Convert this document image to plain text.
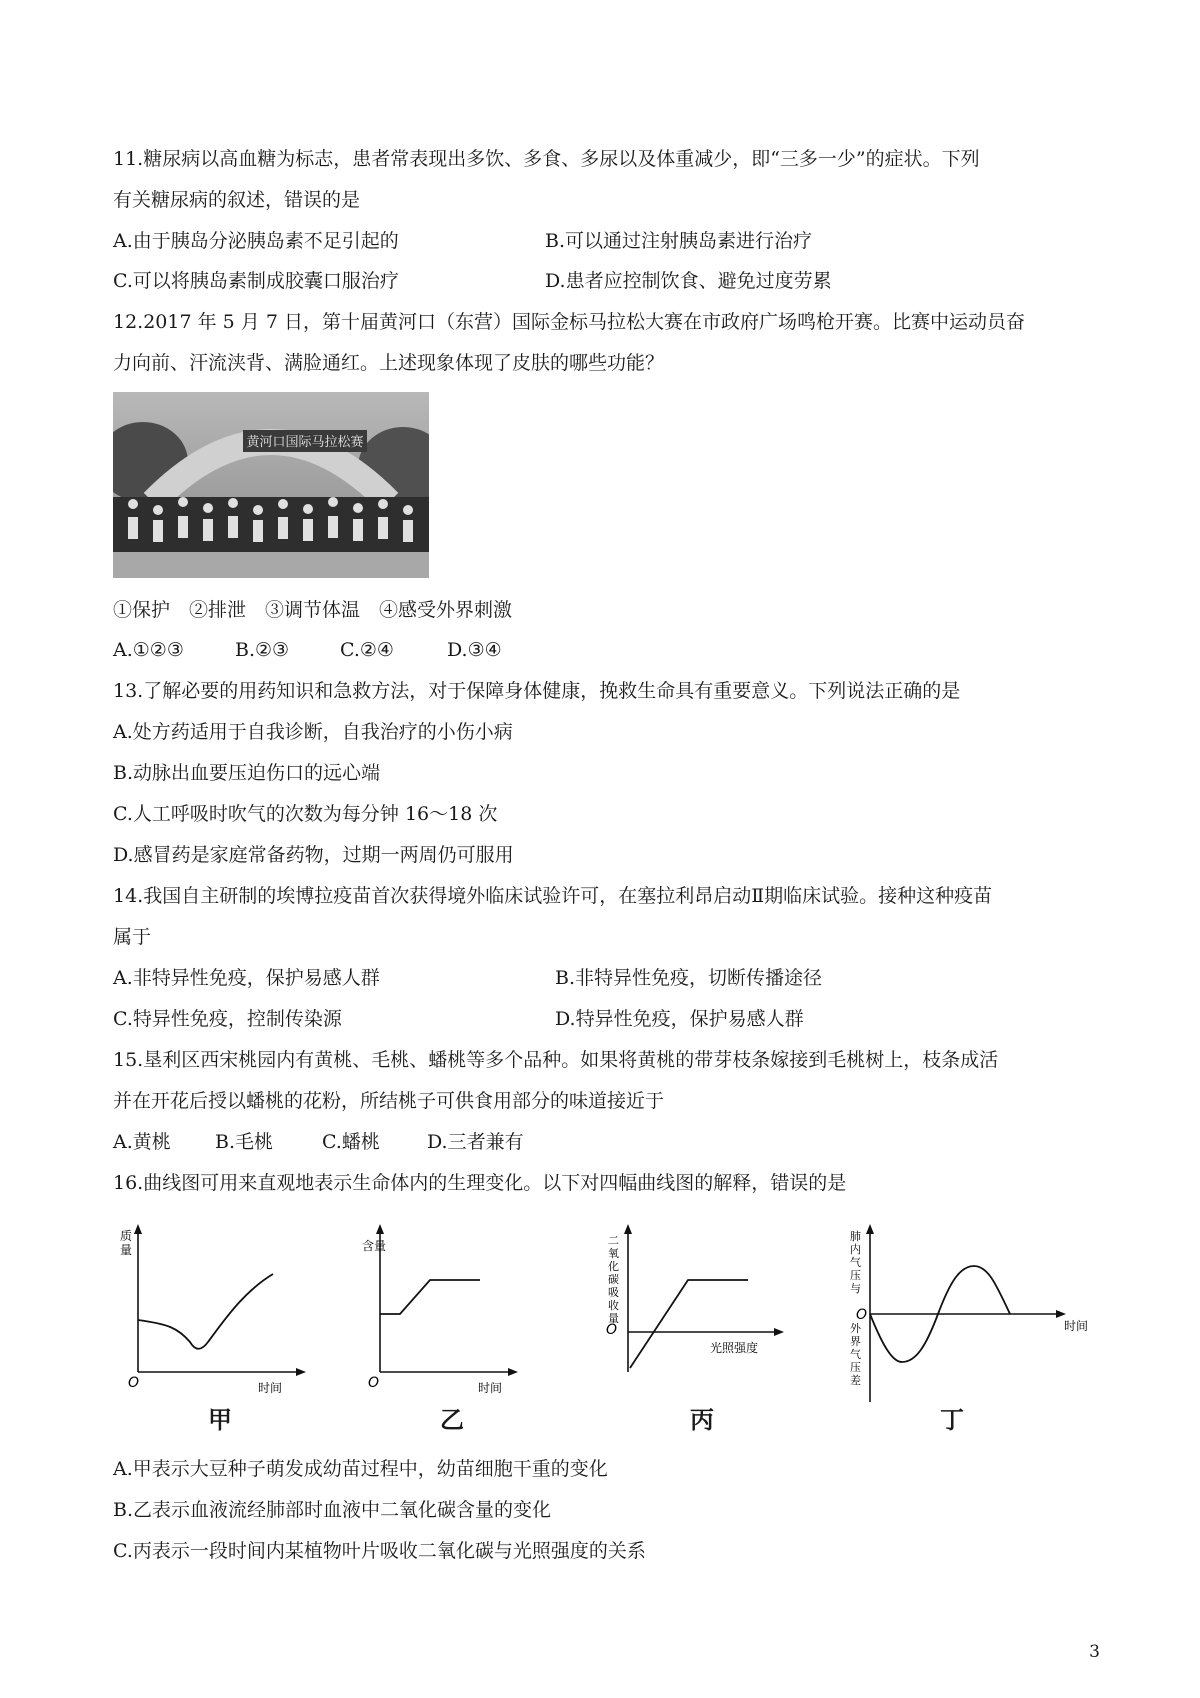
11.糖尿病以高血糖为标志，患者常表现出多饮、多食、多尿以及体重减少，即“三多一少”的症状。下列
有关糖尿病的叙述，错误的是
A.由于胰岛分泌胰岛素不足引起的	B.可以通过注射胰岛素进行治疗
C.可以将胰岛素制成胶囊口服治疗	D.患者应控制饮食、避免过度劳累
12.2017 年 5 月 7 日，第十届黄河口（东营）国际金标马拉松大赛在市政府广场鸣枪开赛。比赛中运动员奋
力向前、汗流浃背、满脸通红。上述现象体现了皮肤的哪些功能？
黄河口国际马拉松赛
①保护　②排泄　③调节体温　④感受外界刺激
A.①②③	B.②③	C.②④	D.③④
13.了解必要的用药知识和急救方法，对于保障身体健康，挽救生命具有重要意义。下列说法正确的是
A.处方药适用于自我诊断，自我治疗的小伤小病
B.动脉出血要压迫伤口的远心端
C.人工呼吸时吹气的次数为每分钟 16～18 次
D.感冒药是家庭常备药物，过期一两周仍可服用
14.我国自主研制的埃博拉疫苗首次获得境外临床试验许可，在塞拉利昂启动Ⅱ期临床试验。接种这种疫苗
属于
A.非特异性免疫，保护易感人群	B.非特异性免疫，切断传播途径
C.特异性免疫，控制传染源	D.特异性免疫，保护易感人群
15.垦利区西宋桃园内有黄桃、毛桃、蟠桃等多个品种。如果将黄桃的带芽枝条嫁接到毛桃树上，枝条成活
并在开花后授以蟠桃的花粉，所结桃子可供食用部分的味道接近于
A.黄桃 B.毛桃	C.蟠桃 D.三者兼有
16.曲线图可用来直观地表示生命体内的生理变化。以下对四幅曲线图的解释，错误的是
质
量
O	时间
甲
含量
O	时间
乙
O
光照强度
二
氧
化
碳
吸
收
量
丙
O
时间
肺
内
气
压
与
外
界
气
压
差
丁
A.甲表示大豆种子萌发成幼苗过程中，幼苗细胞干重的变化
B.乙表示血液流经肺部时血液中二氧化碳含量的变化
C.丙表示一段时间内某植物叶片吸收二氧化碳与光照强度的关系
3
